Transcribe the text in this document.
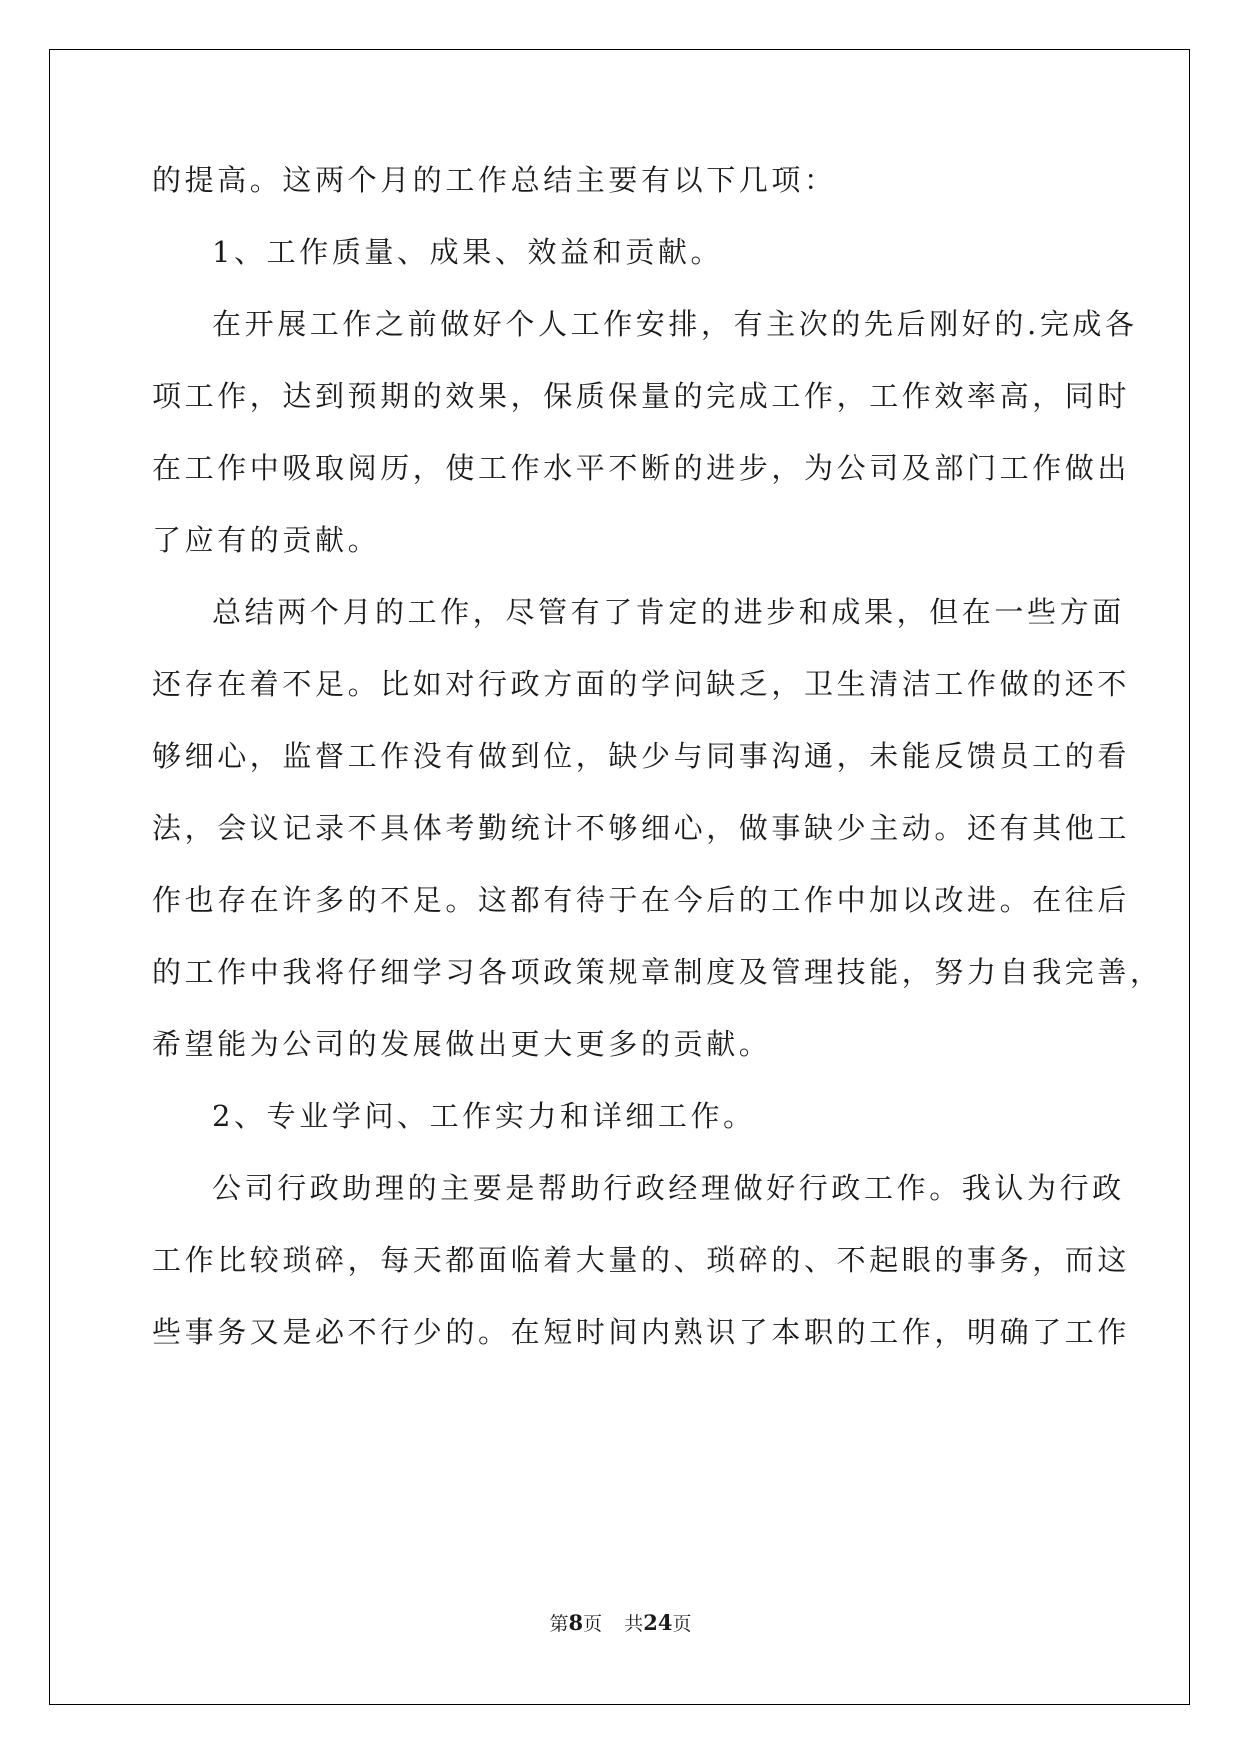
的提高。这两个月的工作总结主要有以下几项：
1、工作质量、成果、效益和贡献。
在开展工作之前做好个人工作安排，有主次的先后刚好的.完成各
项工作，达到预期的效果，保质保量的完成工作，工作效率高，同时
在工作中吸取阅历，使工作水平不断的进步，为公司及部门工作做出
了应有的贡献。
总结两个月的工作，尽管有了肯定的进步和成果，但在一些方面
还存在着不足。比如对行政方面的学问缺乏，卫生清洁工作做的还不
够细心，监督工作没有做到位，缺少与同事沟通，未能反馈员工的看
法，会议记录不具体考勤统计不够细心，做事缺少主动。还有其他工
作也存在许多的不足。这都有待于在今后的工作中加以改进。在往后
的工作中我将仔细学习各项政策规章制度及管理技能，努力自我完善，
希望能为公司的发展做出更大更多的贡献。
2、专业学问、工作实力和详细工作。
公司行政助理的主要是帮助行政经理做好行政工作。我认为行政
工作比较琐碎，每天都面临着大量的、琐碎的、不起眼的事务，而这
些事务又是必不行少的。在短时间内熟识了本职的工作，明确了工作
第8页 共24页
